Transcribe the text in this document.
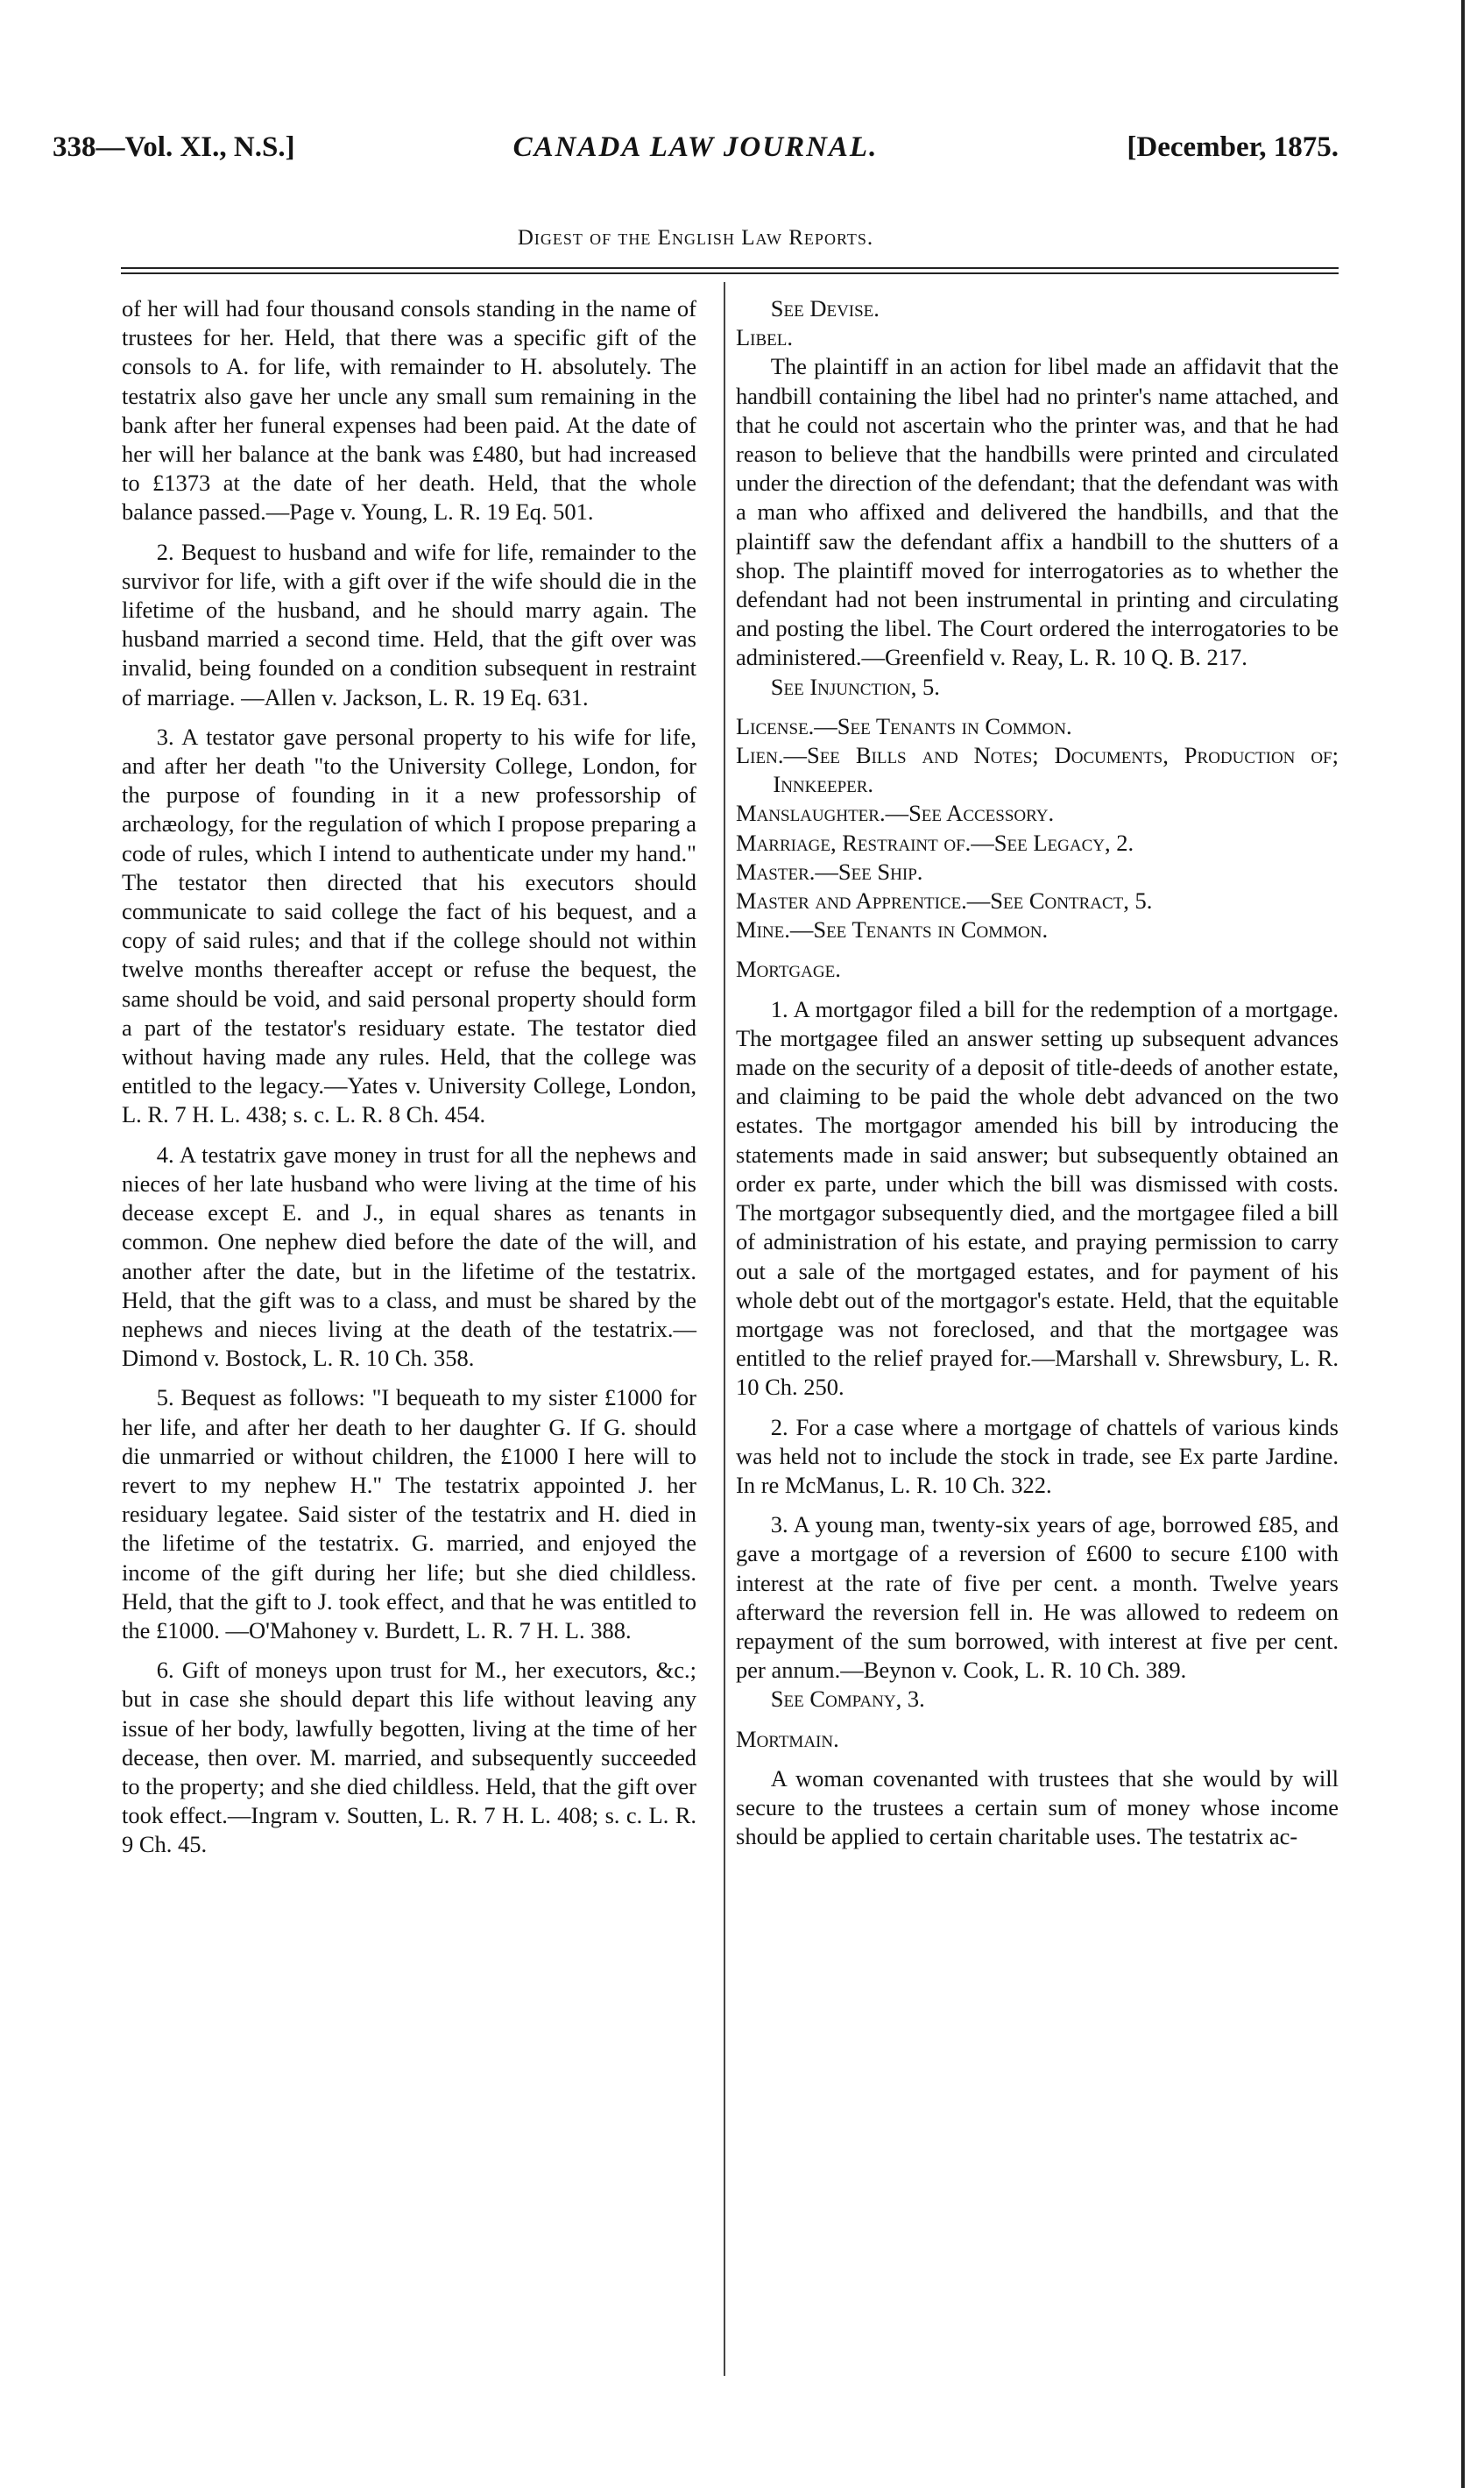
338—Vol. XI., N.S.]	CANADA LAW JOURNAL.	[December, 1875.
Digest of the English Law Reports.

of her will had four thousand consols standing in the name of trustees for her. Held, that there was a specific gift of the consols to A. for life, with remainder to H. absolutely. The testatrix also gave her uncle any small sum remaining in the bank after her funeral expenses had been paid. At the date of her will her balance at the bank was £480, but had increased to £1373 at the date of her death. Held, that the whole balance passed.—Page v. Young, L. R. 19 Eq. 501.

2. Bequest to husband and wife for life, remainder to the survivor for life, with a gift over if the wife should die in the lifetime of the husband, and he should marry again. The husband married a second time. Held, that the gift over was invalid, being founded on a condition subsequent in restraint of marriage. —Allen v. Jackson, L. R. 19 Eq. 631.

3. A testator gave personal property to his wife for life, and after her death "to the University College, London, for the purpose of founding in it a new professorship of archæology, for the regulation of which I propose preparing a code of rules, which I intend to authenticate under my hand." The testator then directed that his executors should communicate to said college the fact of his bequest, and a copy of said rules; and that if the college should not within twelve months thereafter accept or refuse the bequest, the same should be void, and said personal property should form a part of the testator's residuary estate. The testator died without having made any rules. Held, that the college was entitled to the legacy.—Yates v. University College, London, L. R. 7 H. L. 438; s. c. L. R. 8 Ch. 454.

4. A testatrix gave money in trust for all the nephews and nieces of her late husband who were living at the time of his decease except E. and J., in equal shares as tenants in common. One nephew died before the date of the will, and another after the date, but in the lifetime of the testatrix. Held, that the gift was to a class, and must be shared by the nephews and nieces living at the death of the testatrix.—Dimond v. Bostock, L. R. 10 Ch. 358.

5. Bequest as follows: "I bequeath to my sister £1000 for her life, and after her death to her daughter G. If G. should die unmarried or without children, the £1000 I here will to revert to my nephew H." The testatrix appointed J. her residuary legatee. Said sister of the testatrix and H. died in the lifetime of the testatrix. G. married, and enjoyed the income of the gift during her life; but she died childless. Held, that the gift to J. took effect, and that he was entitled to the £1000. —O'Mahoney v. Burdett, L. R. 7 H. L. 388.

6. Gift of moneys upon trust for M., her executors, &c.; but in case she should depart this life without leaving any issue of her body, lawfully begotten, living at the time of her decease, then over. M. married, and subsequently succeeded to the property; and she died childless. Held, that the gift over took effect.—Ingram v. Soutten, L. R. 7 H. L. 408; s. c. L. R. 9 Ch. 45.

See Devise.

Libel.

The plaintiff in an action for libel made an affidavit that the handbill containing the libel had no printer's name attached, and that he could not ascertain who the printer was, and that he had reason to believe that the handbills were printed and circulated under the direction of the defendant; that the defendant was with a man who affixed and delivered the handbills, and that the plaintiff saw the defendant affix a handbill to the shutters of a shop. The plaintiff moved for interrogatories as to whether the defendant had not been instrumental in printing and circulating and posting the libel. The Court ordered the interrogatories to be administered.—Greenfield v. Reay, L. R. 10 Q. B. 217.

See Injunction, 5.

License.—See Tenants in Common.

Lien.—See Bills and Notes; Documents, Production of; Innkeeper.

Manslaughter.—See Accessory.

Marriage, Restraint of.—See Legacy, 2.

Master.—See Ship.

Master and Apprentice.—See Contract, 5.

Mine.—See Tenants in Common.

Mortgage.

1. A mortgagor filed a bill for the redemption of a mortgage. The mortgagee filed an answer setting up subsequent advances made on the security of a deposit of title-deeds of another estate, and claiming to be paid the whole debt advanced on the two estates. The mortgagor amended his bill by introducing the statements made in said answer; but subsequently obtained an order ex parte, under which the bill was dismissed with costs. The mortgagor subsequently died, and the mortgagee filed a bill of administration of his estate, and praying permission to carry out a sale of the mortgaged estates, and for payment of his whole debt out of the mortgagor's estate. Held, that the equitable mortgage was not foreclosed, and that the mortgagee was entitled to the relief prayed for.—Marshall v. Shrewsbury, L. R. 10 Ch. 250.

2. For a case where a mortgage of chattels of various kinds was held not to include the stock in trade, see Ex parte Jardine. In re McManus, L. R. 10 Ch. 322.

3. A young man, twenty-six years of age, borrowed £85, and gave a mortgage of a reversion of £600 to secure £100 with interest at the rate of five per cent. a month. Twelve years afterward the reversion fell in. He was allowed to redeem on repayment of the sum borrowed, with interest at five per cent. per annum.—Beynon v. Cook, L. R. 10 Ch. 389.

See Company, 3.

Mortmain.

A woman covenanted with trustees that she would by will secure to the trustees a certain sum of money whose income should be applied to certain charitable uses. The testatrix ac-
